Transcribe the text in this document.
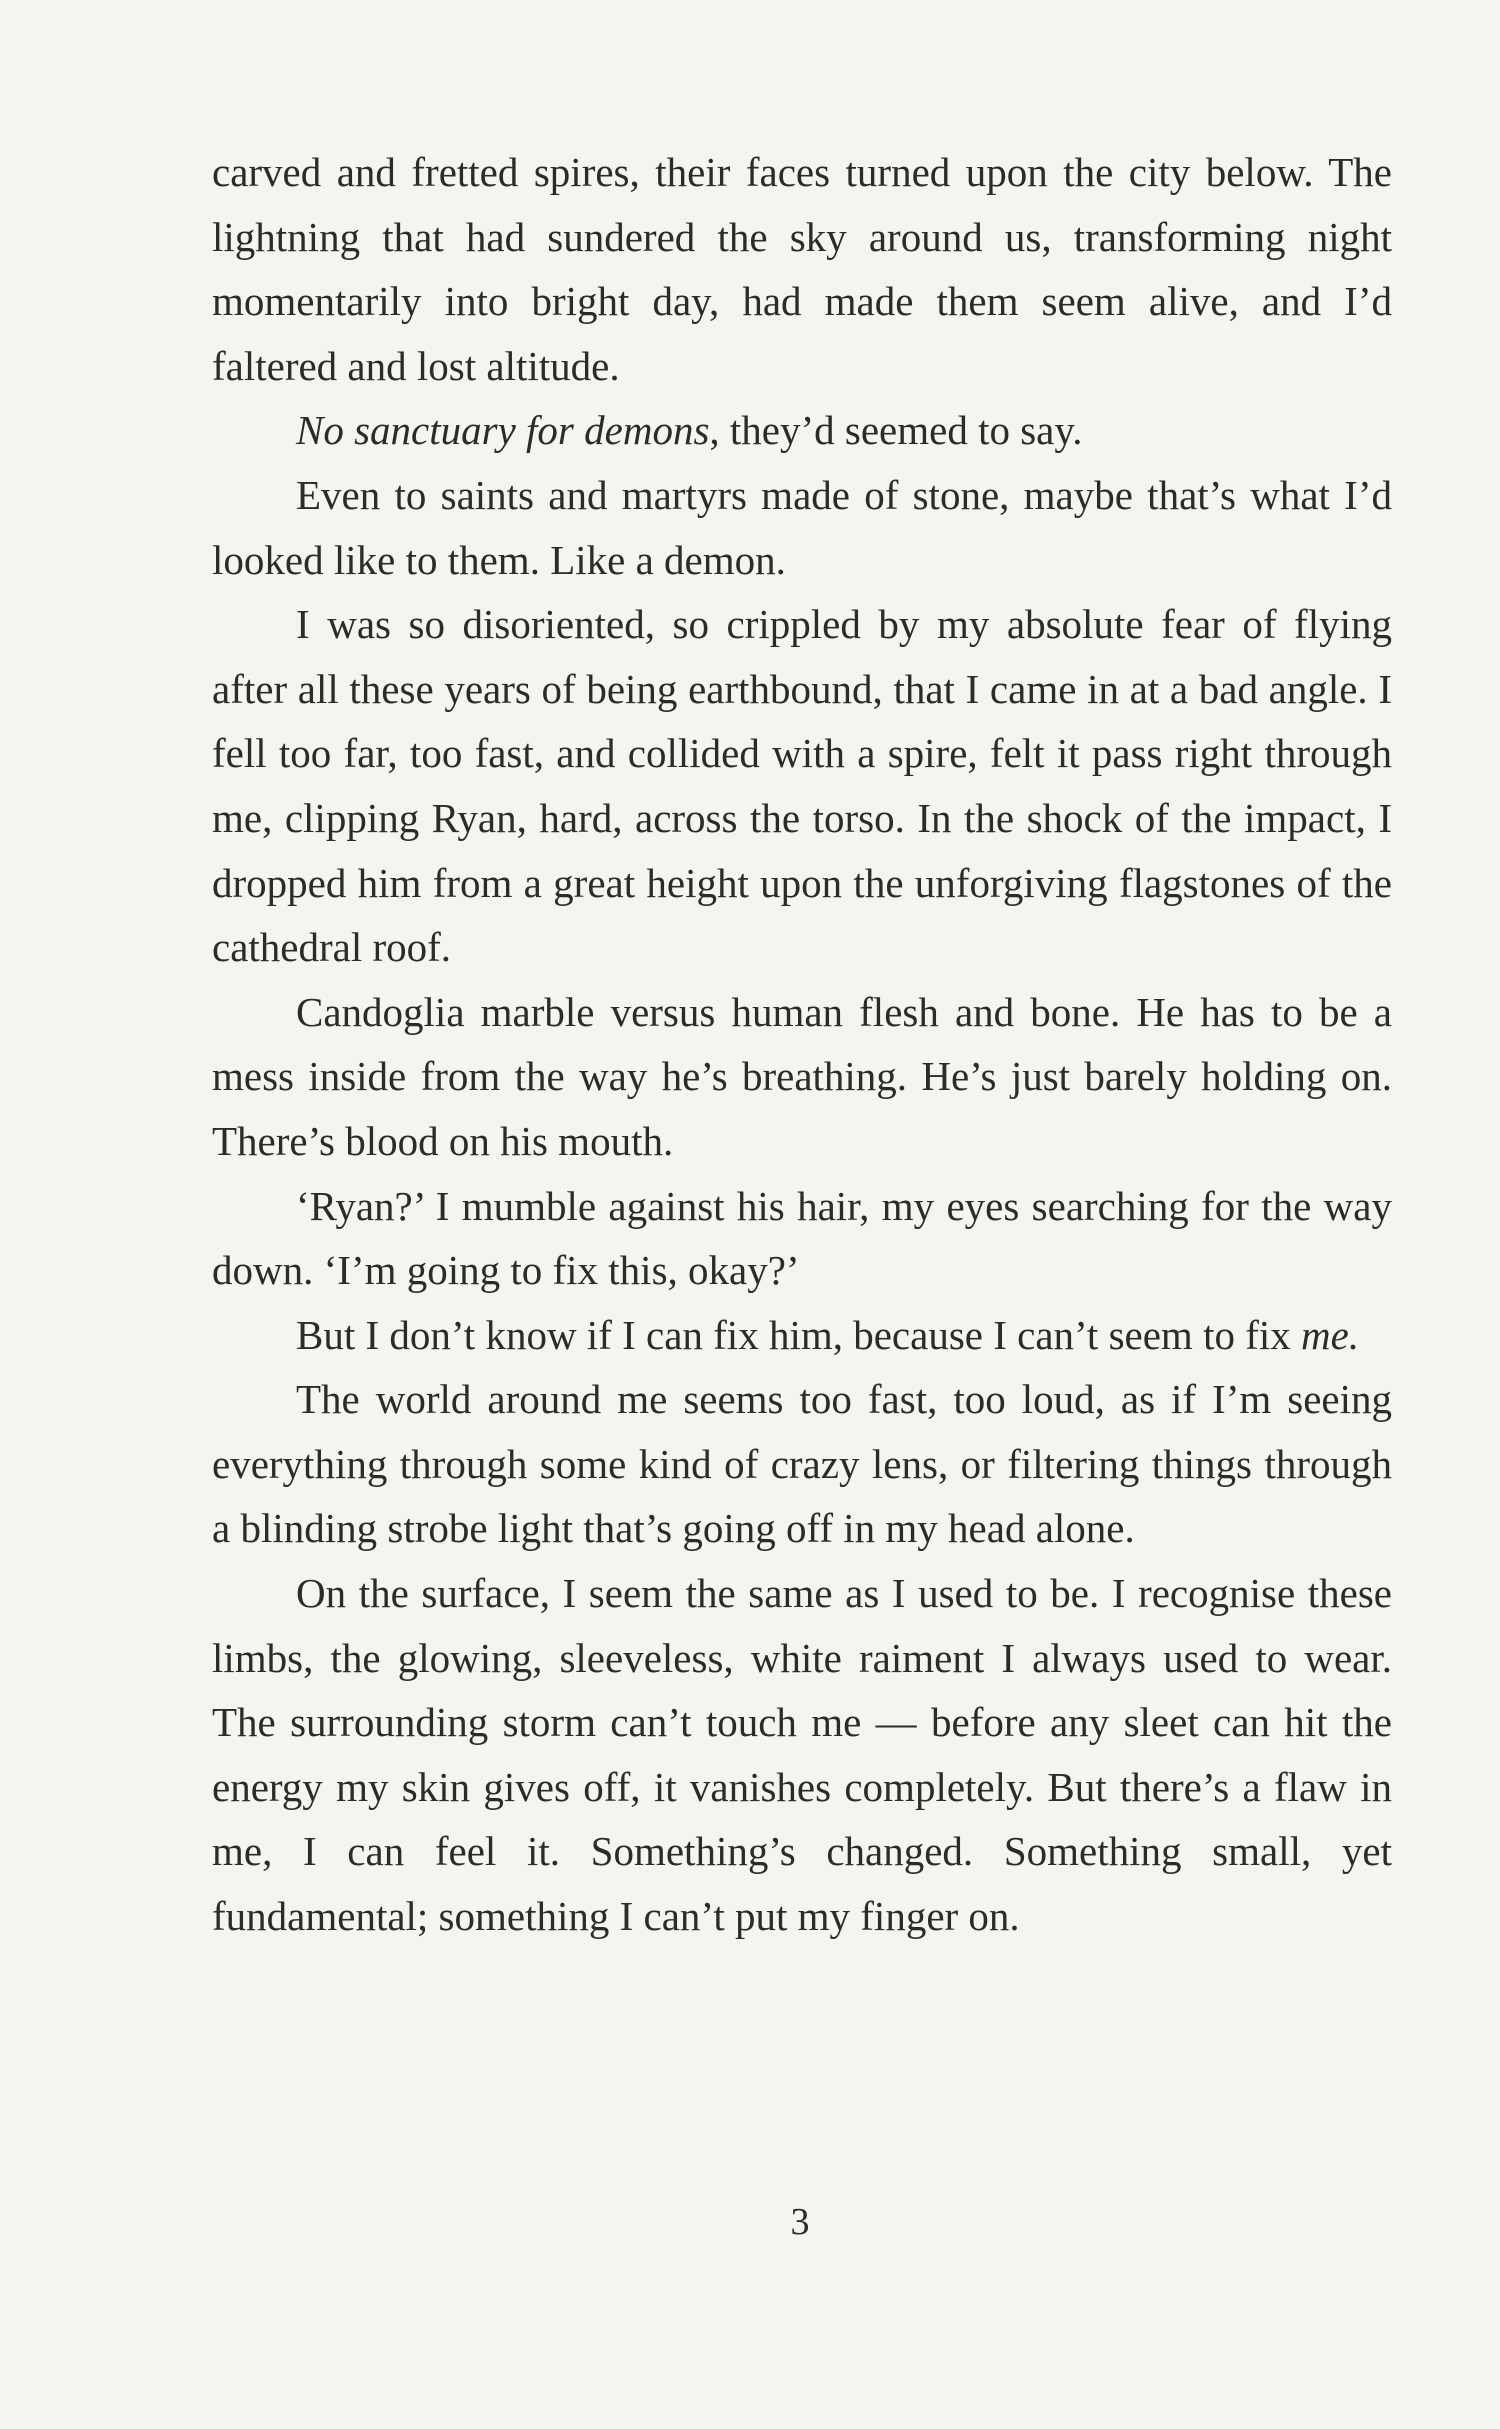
carved and fretted spires, their faces turned upon the city below. The lightning that had sundered the sky around us, transforming night momentarily into bright day, had made them seem alive, and I’d faltered and lost altitude.

No sanctuary for demons, they’d seemed to say.

Even to saints and martyrs made of stone, maybe that’s what I’d looked like to them. Like a demon.

I was so disoriented, so crippled by my absolute fear of flying after all these years of being earthbound, that I came in at a bad angle. I fell too far, too fast, and collided with a spire, felt it pass right through me, clipping Ryan, hard, across the torso. In the shock of the impact, I dropped him from a great height upon the unforgiving flagstones of the cathedral roof.

Candoglia marble versus human flesh and bone. He has to be a mess inside from the way he’s breathing. He’s just barely holding on. There’s blood on his mouth.

‘Ryan?’ I mumble against his hair, my eyes searching for the way down. ‘I’m going to fix this, okay?’

But I don’t know if I can fix him, because I can’t seem to fix me.

The world around me seems too fast, too loud, as if I’m seeing everything through some kind of crazy lens, or filtering things through a blinding strobe light that’s going off in my head alone.

On the surface, I seem the same as I used to be. I recognise these limbs, the glowing, sleeveless, white raiment I always used to wear. The surrounding storm can’t touch me — before any sleet can hit the energy my skin gives off, it vanishes completely. But there’s a flaw in me, I can feel it. Something’s changed. Something small, yet fundamental; something I can’t put my finger on.

3
